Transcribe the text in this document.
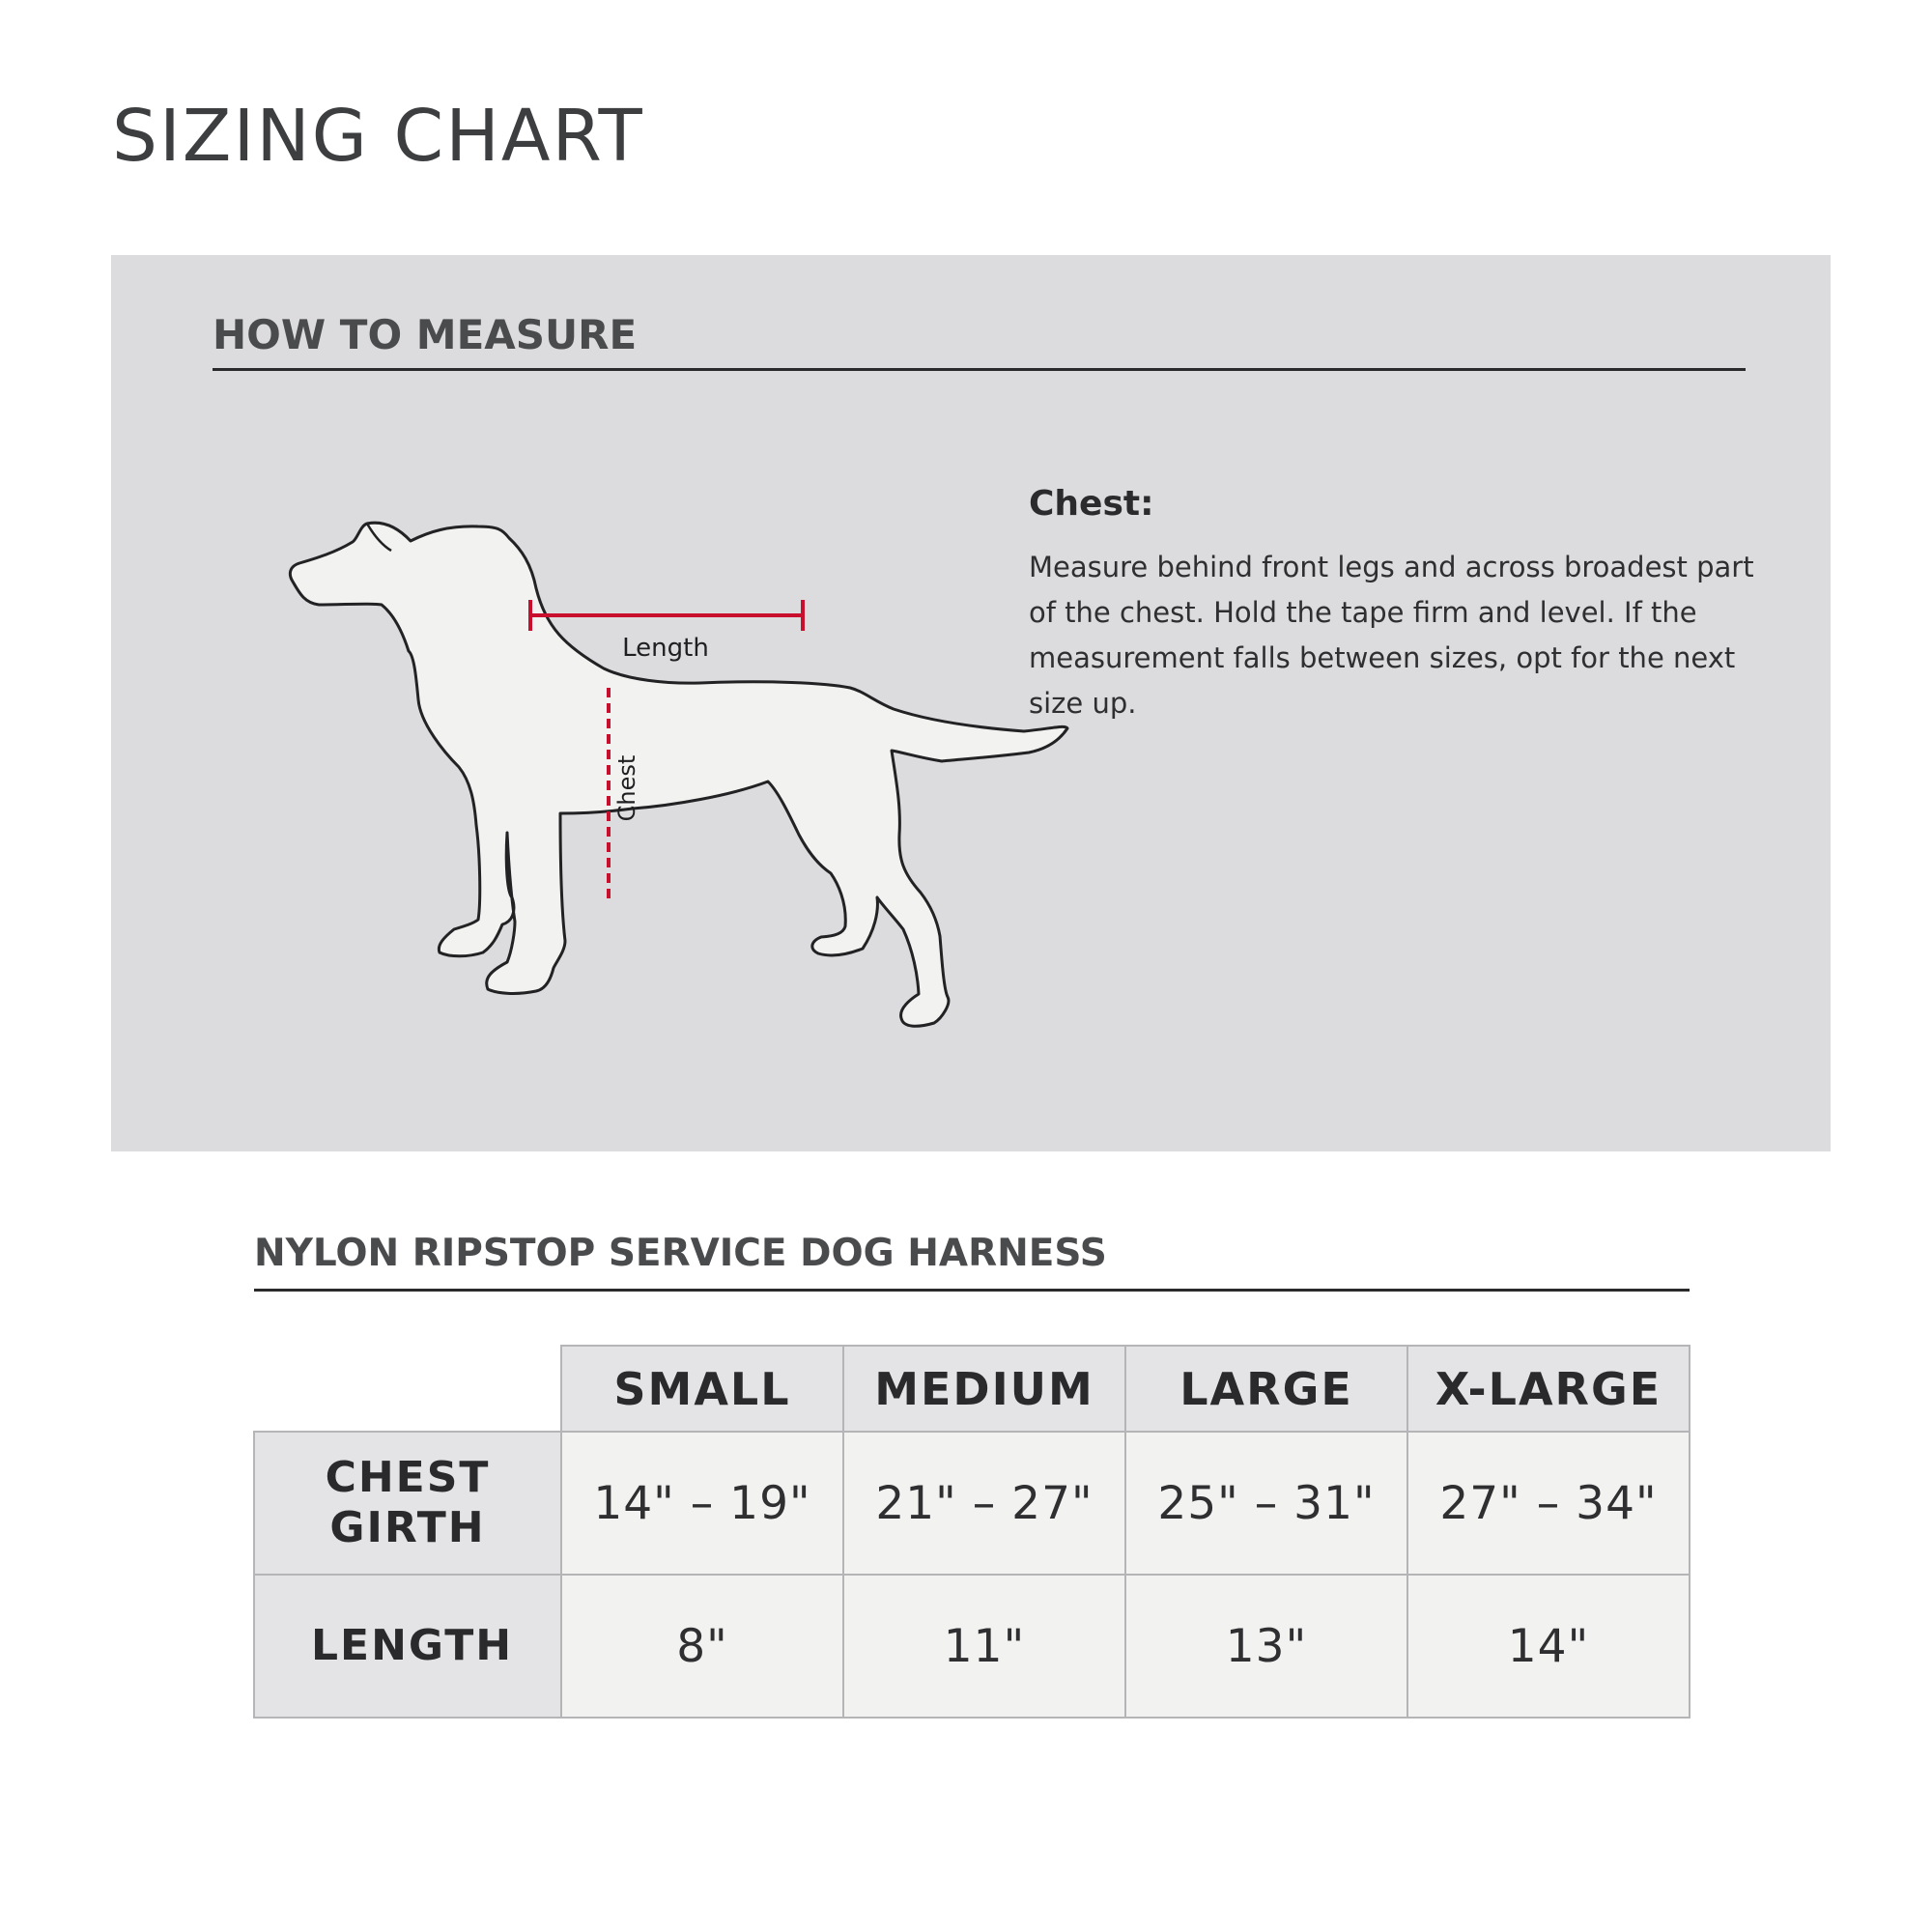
SIZING CHART
HOW TO MEASURE
Length
Chest
Chest:

Measure behind front legs and across broadest part of the chest. Hold the tape firm and level. If the measurement falls between sizes, opt for the next size up.

NYLON RIPSTOP SERVICE DOG HARNESS
	SMALL	MEDIUM	LARGE	X-LARGE
CHEST GIRTH	14" – 19"	21" – 27"	25" – 31"	27" – 34"
LENGTH	8"	11"	13"	14"
